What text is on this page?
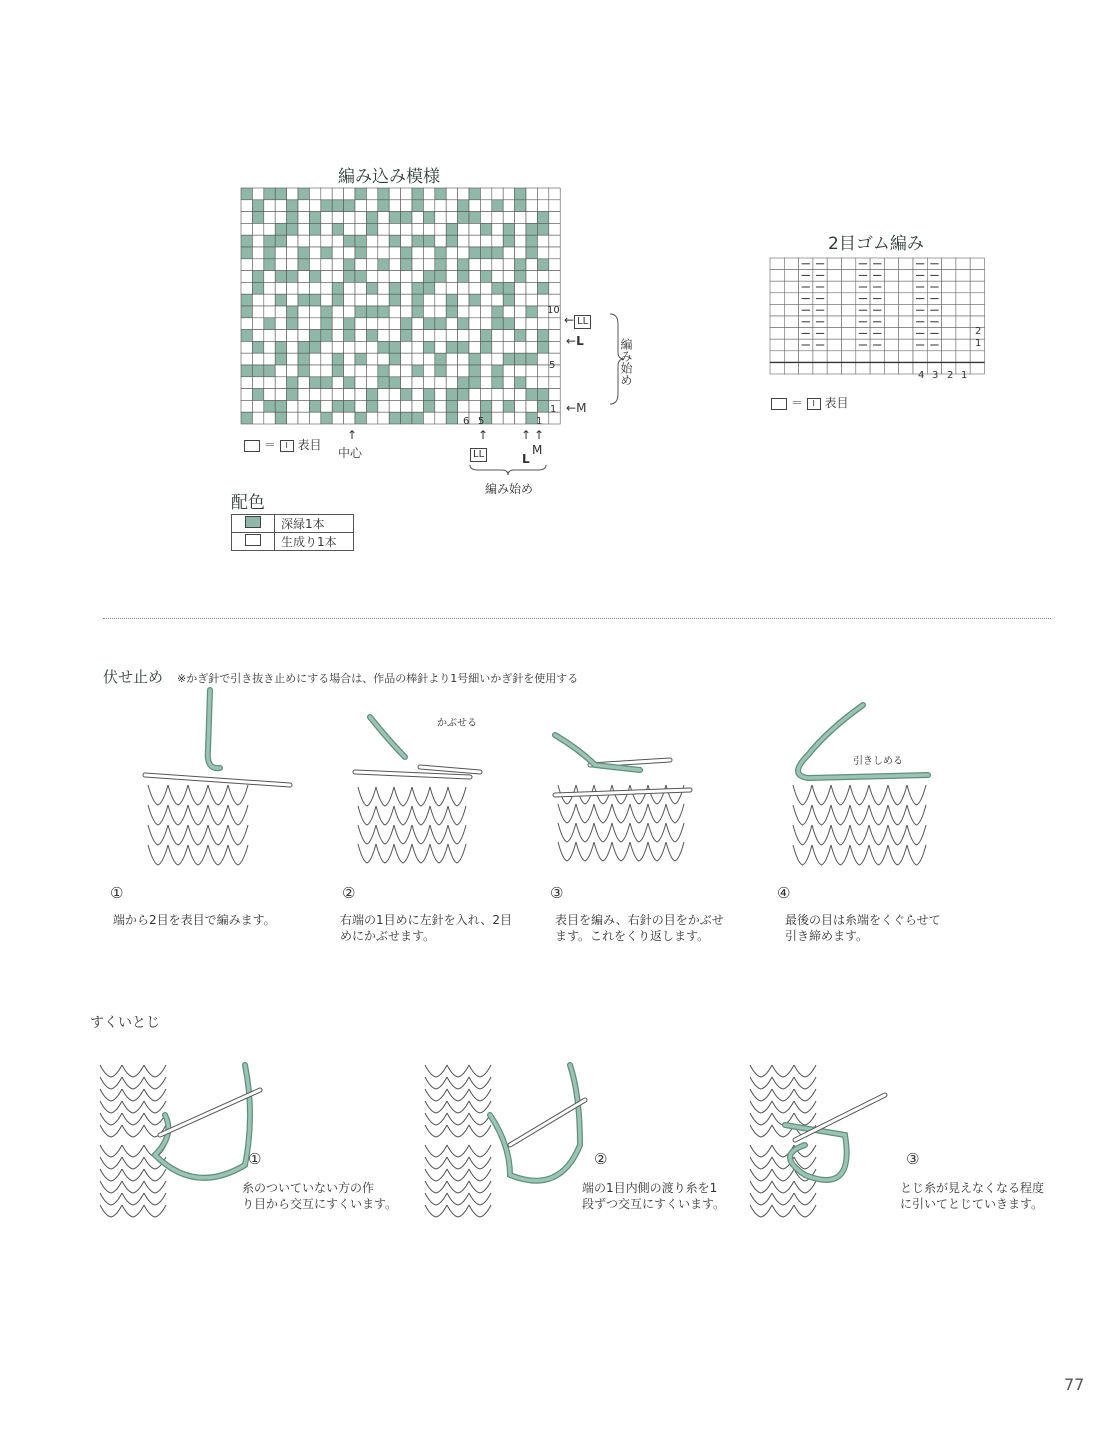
編み込み模様
10
5
1
6 5	1
← LL
←L
←M
編み始め
＝ I 表目
↑
中心
↑
LL
↑
L
↑
M
編み始め
配色
	深緑1本
	生成り1本
2目ゴム編み
2
1
4 3 2 1
＝ I 表目
伏せ止め ※かぎ針で引き抜き止めにする場合は、作品の棒針より1号細いかぎ針を使用する
かぶせる
引きしめる
①
端から2目を表目で編みます。
②
右端の1目めに左針を入れ、2目
めにかぶせます。
③
表目を編み、右針の目をかぶせ
ます。これをくり返します。
④
最後の目は糸端をくぐらせて
引き締めます。
すくいとじ
①
糸のついていない方の作
り目から交互にすくいます。
②
端の1目内側の渡り糸を1
段ずつ交互にすくいます。
③
とじ糸が見えなくなる程度
に引いてとじていきます。
77
